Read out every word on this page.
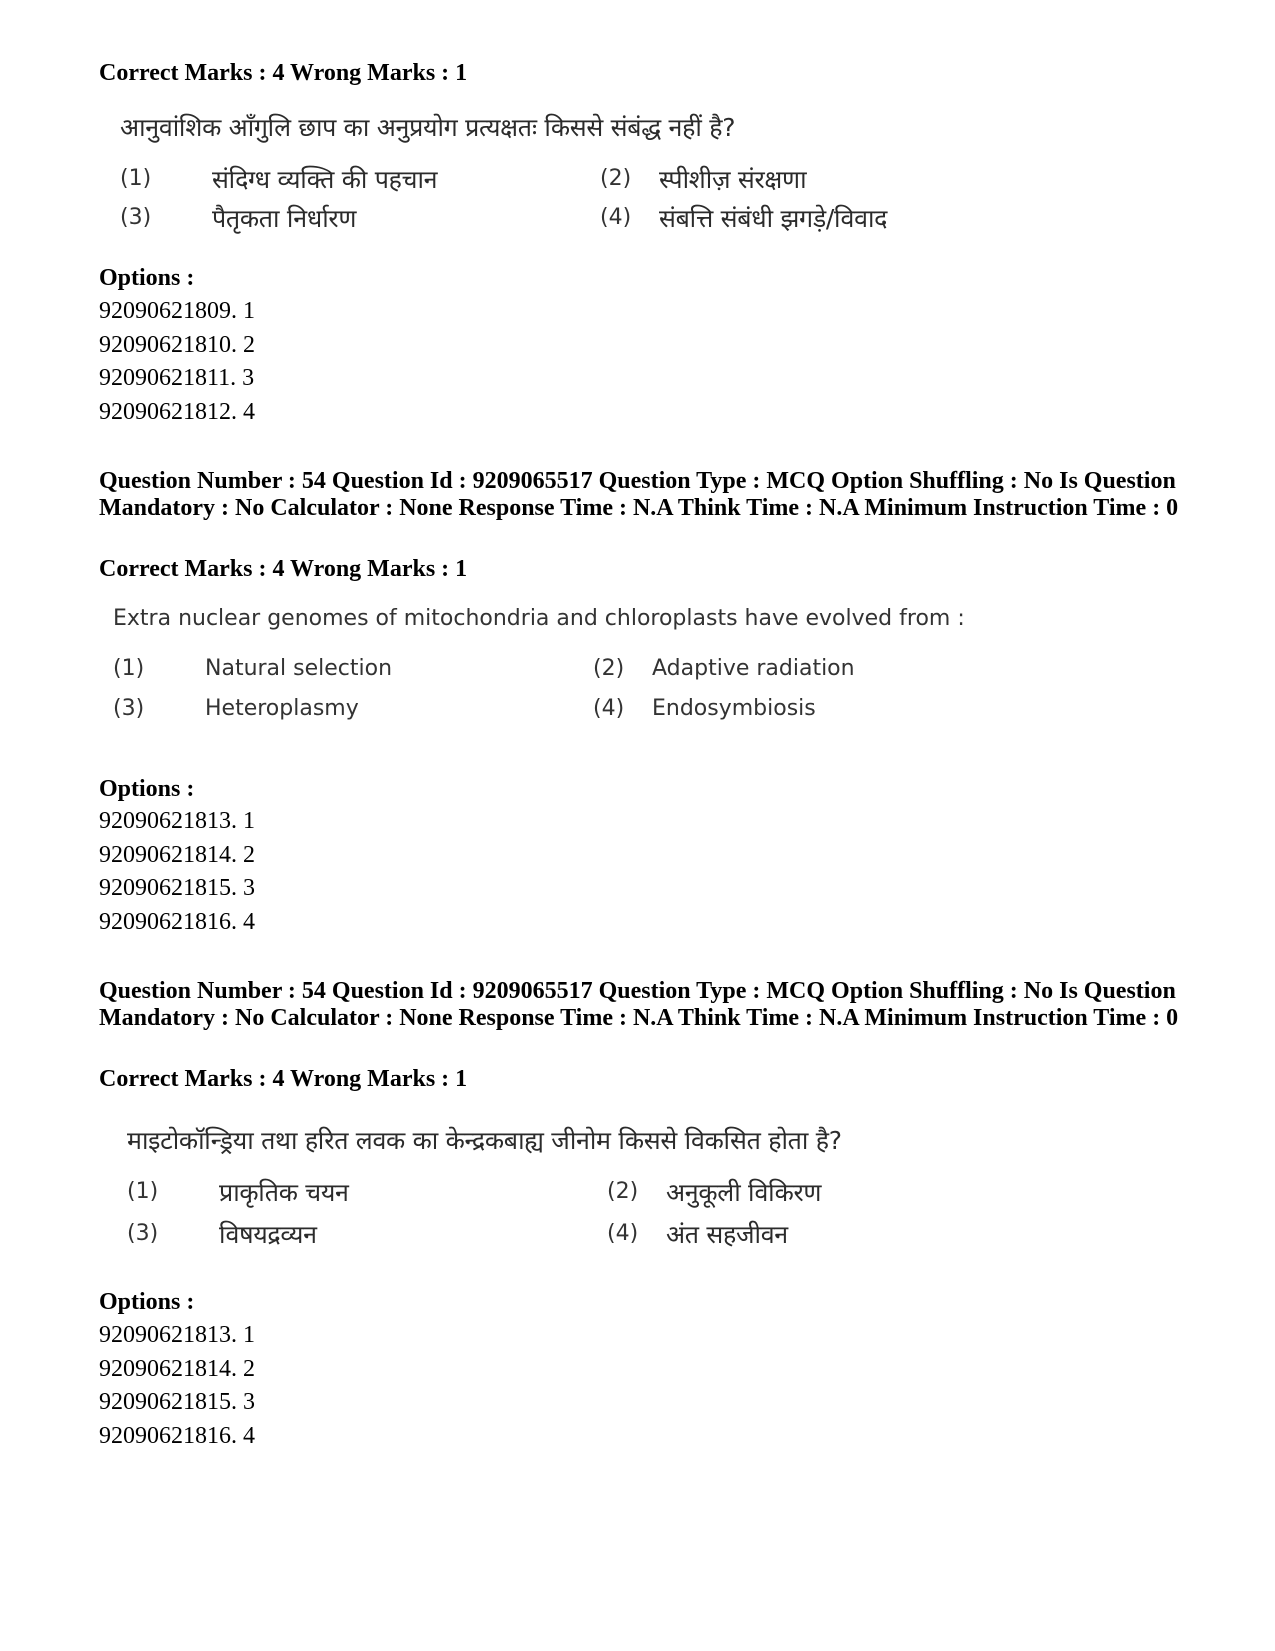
Correct Marks : 4 Wrong Marks : 1
आनुवांशिक आँगुलि छाप का अनुप्रयोग प्रत्यक्षतः किससे संबंद्ध नहीं है?
(1) संदिग्ध व्यक्ति की पहचान	(2) स्पीशीज़ संरक्षणा
(3) पैतृकता निर्धारण	(4) संबत्ति संबंधी झगड़े/विवाद
Options :
92090621809. 1
92090621810. 2
92090621811. 3
92090621812. 4
Question Number : 54 Question Id : 9209065517 Question Type : MCQ Option Shuffling : No Is Question Mandatory : No Calculator : None Response Time : N.A Think Time : N.A Minimum Instruction Time : 0
Correct Marks : 4 Wrong Marks : 1
Extra nuclear genomes of mitochondria and chloroplasts have evolved from :
(1)	Natural selection	(2) Adaptive radiation
(3)	Heteroplasmy	(4) Endosymbiosis
Options :
92090621813. 1
92090621814. 2
92090621815. 3
92090621816. 4
Question Number : 54 Question Id : 9209065517 Question Type : MCQ Option Shuffling : No Is Question Mandatory : No Calculator : None Response Time : N.A Think Time : N.A Minimum Instruction Time : 0
Correct Marks : 4 Wrong Marks : 1
माइटोकॉन्ड्रिया तथा हरित लवक का केन्द्रकबाह्य जीनोम किससे विकसित होता है?
(1) प्राकृतिक चयन	(2) अनुकूली विकिरण
(3) विषयद्रव्यन	(4) अंत सहजीवन
Options :
92090621813. 1
92090621814. 2
92090621815. 3
92090621816. 4
